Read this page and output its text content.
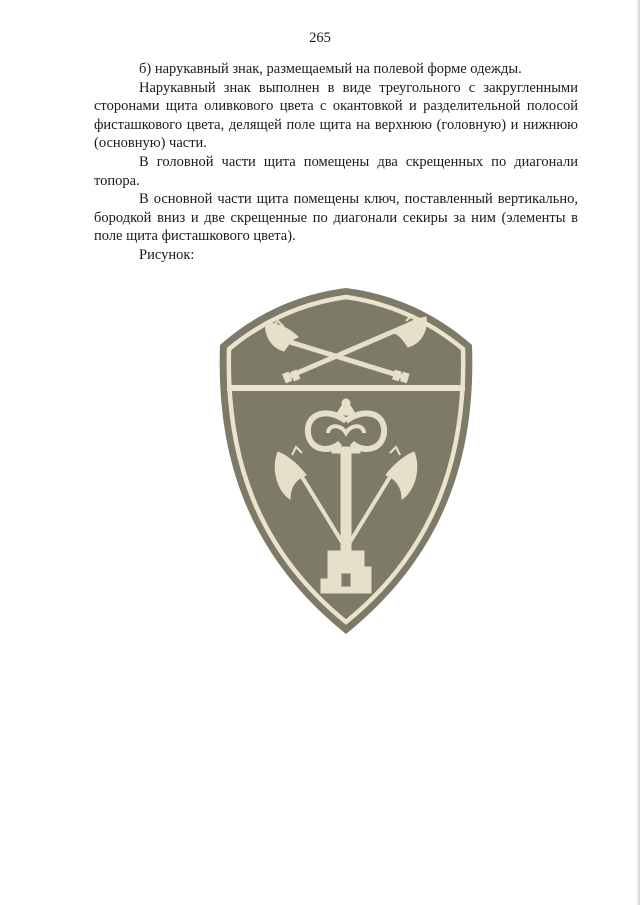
265

б) нарукавный знак, размещаемый на полевой форме одежды.

Нарукавный знак выполнен в виде треугольного с закругленными сторонами щита оливкового цвета с окантовкой и разделительной полосой фисташкового цвета, делящей поле щита на верхнюю (головную) и нижнюю (основную) части.

В головной части щита помещены два скрещенных по диагонали топора.

В основной части щита помещены ключ, поставленный вертикально, бородкой вниз и две скрещенные по диагонали секиры за ним (элементы в поле щита фисташкового цвета).

Рисунок:
